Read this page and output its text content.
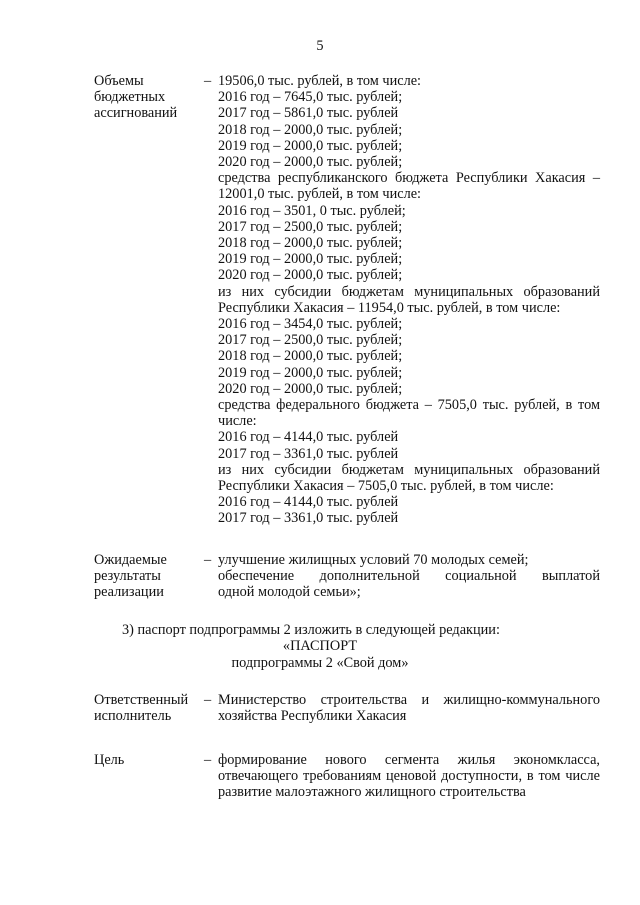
5
Объемы
бюджетных
ассигнований
– 19506,0 тыс. рублей, в том числе:
2016 год – 7645,0 тыс. рублей;
2017 год – 5861,0 тыс. рублей
2018 год – 2000,0 тыс. рублей;
2019 год – 2000,0 тыс. рублей;
2020 год – 2000,0 тыс. рублей;
средства республиканского бюджета Республики Хакасия –
12001,0 тыс. рублей, в том числе:
2016 год – 3501, 0 тыс. рублей;
2017 год – 2500,0 тыс. рублей;
2018 год – 2000,0 тыс. рублей;
2019 год – 2000,0 тыс. рублей;
2020 год – 2000,0 тыс. рублей;
из них субсидии бюджетам муниципальных образований
Республики Хакасия – 11954,0 тыс. рублей, в том числе:
2016 год – 3454,0 тыс. рублей;
2017 год – 2500,0 тыс. рублей;
2018 год – 2000,0 тыс. рублей;
2019 год – 2000,0 тыс. рублей;
2020 год – 2000,0 тыс. рублей;
средства федерального бюджета – 7505,0 тыс. рублей, в том
числе:
2016 год – 4144,0 тыс. рублей
2017 год – 3361,0 тыс. рублей
из них субсидии бюджетам муниципальных образований
Республики Хакасия – 7505,0 тыс. рублей, в том числе:
2016 год – 4144,0 тыс. рублей
2017 год – 3361,0 тыс. рублей
Ожидаемые
результаты
реализации
– улучшение жилищных условий 70 молодых семей;
обеспечение дополнительной социальной выплатой
одной молодой семьи»;
3) паспорт подпрограммы 2 изложить в следующей редакции:
«ПАСПОРТ
подпрограммы 2 «Свой дом»
Ответственный
исполнитель
– Министерство строительства и жилищно-коммунального
хозяйства Республики Хакасия
Цель	– формирование нового сегмента жилья экономкласса,
отвечающего требованиям ценовой доступности, в том числе
развитие малоэтажного жилищного строительства
